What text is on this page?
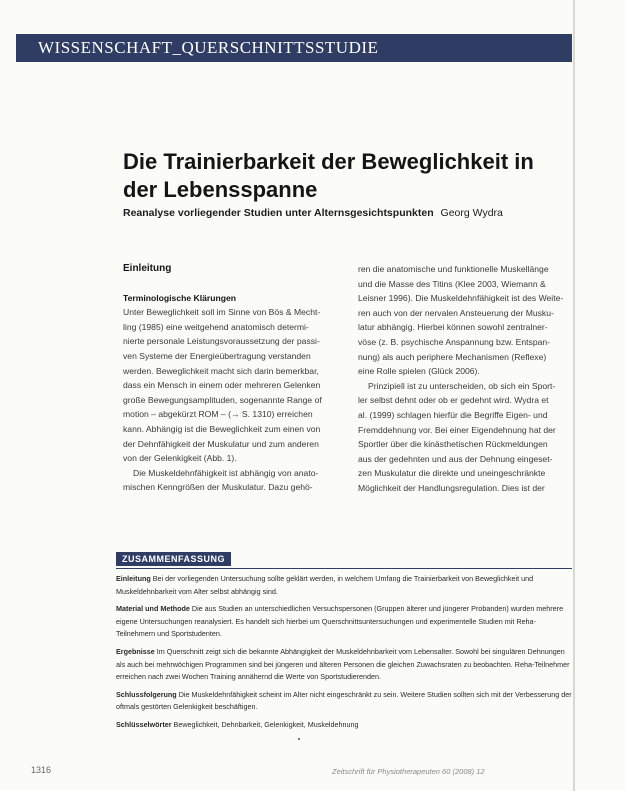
WISSENSCHAFT_QUERSCHNITTSSTUDIE
Die Trainierbarkeit der Beweglichkeit in der Lebensspanne
Reanalyse vorliegender Studien unter Alternsgesichtspunkten Georg Wydra
Einleitung
Terminologische Klärungen
Unter Beweglichkeit soll im Sinne von Bös & Mecht-
ling (1985) eine weitgehend anatomisch determi-
nierte personale Leistungsvoraussetzung der passi-
ven Systeme der Energieübertragung verstanden
werden. Beweglichkeit macht sich darin bemerkbar,
dass ein Mensch in einem oder mehreren Gelenken
große Bewegungsamplituden, sogenannte Range of
motion – abgekürzt ROM – (→ S. 1310) erreichen
kann. Abhängig ist die Beweglichkeit zum einen von
der Dehnfähigkeit der Muskulatur und zum anderen
von der Gelenkigkeit (Abb. 1).
Die Muskeldehnfähigkeit ist abhängig von anato-
mischen Kenngrößen der Muskulatur. Dazu gehö-
ren die anatomische und funktionelle Muskellänge
und die Masse des Titins (Klee 2003, Wiemann &
Leisner 1996). Die Muskeldehnfähigkeit ist des Weite-
ren auch von der nervalen Ansteuerung der Musku-
latur abhängig. Hierbei können sowohl zentralner-
vöse (z. B. psychische Anspannung bzw. Entspan-
nung) als auch periphere Mechanismen (Reflexe)
eine Rolle spielen (Glück 2006).
Prinzipiell ist zu unterscheiden, ob sich ein Sport-
ler selbst dehnt oder ob er gedehnt wird. Wydra et
al. (1999) schlagen hierfür die Begriffe Eigen- und
Fremddehnung vor. Bei einer Eigendehnung hat der
Sportler über die kinästhetischen Rückmeldungen
aus der gedehnten und aus der Dehnung eingeset-
zen Muskulatur die direkte und uneingeschränkte
Möglichkeit der Handlungsregulation. Dies ist der
ZUSAMMENFASSUNG

Einleitung Bei der vorliegenden Untersuchung sollte geklärt werden, in welchem Umfang die Trainierbarkeit von Beweglichkeit und Muskeldehnbarkeit vom Alter selbst abhängig sind.

Material und Methode Die aus Studien an unterschiedlichen Versuchspersonen (Gruppen älterer und jüngerer Probanden) wurden mehrere eigene Untersuchungen reanalysiert. Es handelt sich hierbei um Querschnittsuntersuchungen und experimentelle Studien mit Reha-Teilnehmern und Sportstudenten.

Ergebnisse Im Querschnitt zeigt sich die bekannte Abhängigkeit der Muskeldehnbarkeit vom Lebensalter. Sowohl bei singulären Dehnungen als auch bei mehrwöchigen Programmen sind bei jüngeren und älteren Personen die gleichen Zuwachsraten zu beobachten. Reha-Teilnehmer erreichen nach zwei Wochen Training annähernd die Werte von Sportstudierenden.

Schlussfolgerung Die Muskeldehnfähigkeit scheint im Alter nicht eingeschränkt zu sein. Weitere Studien sollten sich mit der Verbesserung der oftmals gestörten Gelenkigkeit beschäftigen.

Schlüsselwörter Beweglichkeit, Dehnbarkeit, Gelenkigkeit, Muskeldehnung

1316	Zeitschrift für Physiotherapeuten 60 (2008) 12
